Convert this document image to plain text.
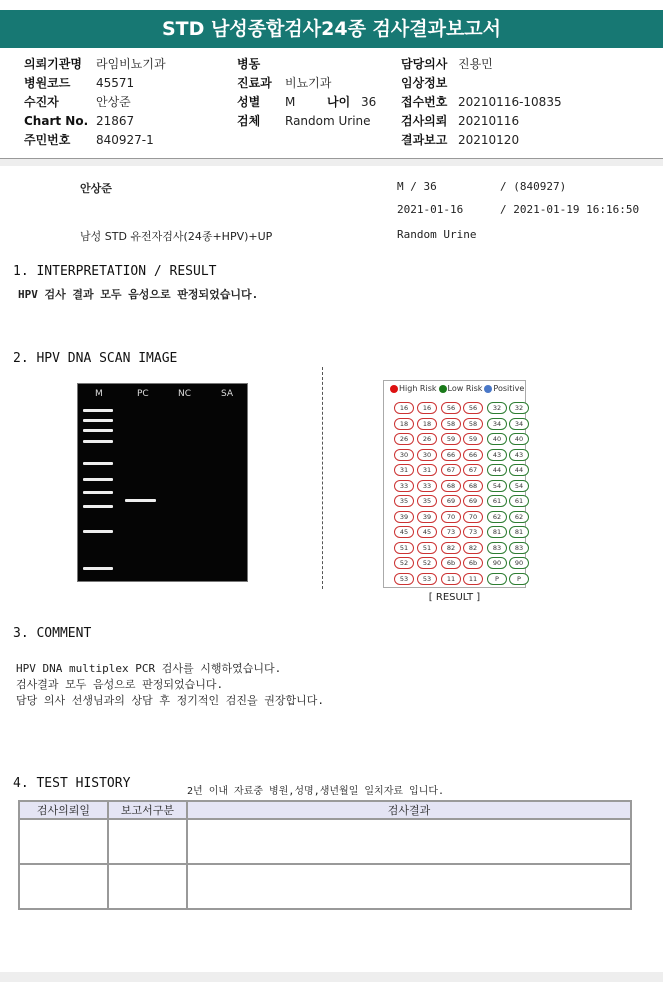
STD 남성종합검사24종 검사결과보고서
의뢰기관명	라임비뇨기과
병원코드	45571
수진자	안상준
Chart No. 21867
주민번호	840927-1
병동
진료과	비뇨기과
성별	M	나이 36
검체	Random Urine
담당의사 진용민
임상정보
접수번호 20210116-10835
검사의뢰 20210116
결과보고 20210120
안상준	M / 36	/ (840927)
2021-01-16	/ 2021-01-19 16:16:50
남성 STD 유전자검사(24종+HPV)+UP	Random Urine
1. INTERPRETATION / RESULT
HPV 검사 결과 모두 음성으로 판정되었습니다.
2. HPV DNA SCAN IMAGE
M	PC	NC	SA
High Risk Low Risk Positive
16	16	56	56	32	32
18	18	58	58	34	34
26	26	59	59	40	40
30	30	66	66	43	43
31	31	67	67	44	44
33	33	68	68	54	54
35	35	69	69	61	61
39	39	70	70	62	62
45	45	73	73	81	81
51	51	82	82	83	83
52	52	6b	6b	90	90
53	53	11	11	P	P
[ RESULT ]
3. COMMENT
HPV DNA multiplex PCR 검사를 시행하였습니다.
검사결과 모두 음성으로 판정되었습니다.
담당 의사 선생님과의 상담 후 정기적인 검진을 권장합니다.
4. TEST HISTORY
2년 이내 자료중 병원,성명,생년월일 일치자료 입니다.
검사의뢰일	보고서구분	검사결과
